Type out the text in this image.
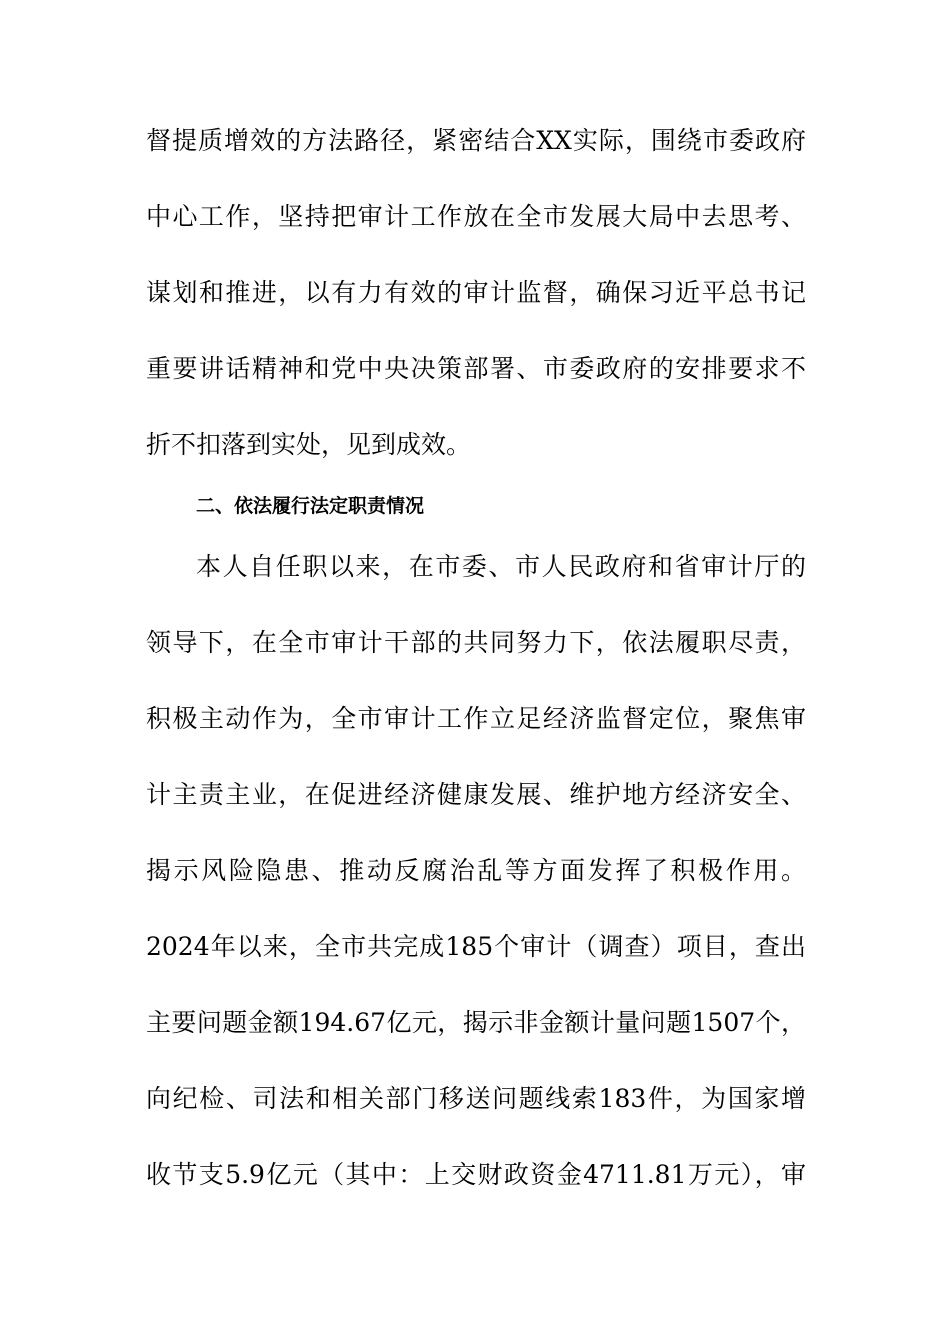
督提质增效的方法路径，紧密结合XX实际，围绕市委政府
中心工作，坚持把审计工作放在全市发展大局中去思考、
谋划和推进，以有力有效的审计监督，确保习近平总书记
重要讲话精神和党中央决策部署、市委政府的安排要求不
折不扣落到实处，见到成效。
二、依法履行法定职责情况
本人自任职以来，在市委、市人民政府和省审计厅的
领导下，在全市审计干部的共同努力下，依法履职尽责，
积极主动作为，全市审计工作立足经济监督定位，聚焦审
计主责主业，在促进经济健康发展、维护地方经济安全、
揭示风险隐患、推动反腐治乱等方面发挥了积极作用。
2024年以来，全市共完成185个审计（调查）项目，查出
主要问题金额194.67亿元，揭示非金额计量问题1507个，
向纪检、司法和相关部门移送问题线索183件，为国家增
收节支5.9亿元（其中：上交财政资金4711.81万元），审
